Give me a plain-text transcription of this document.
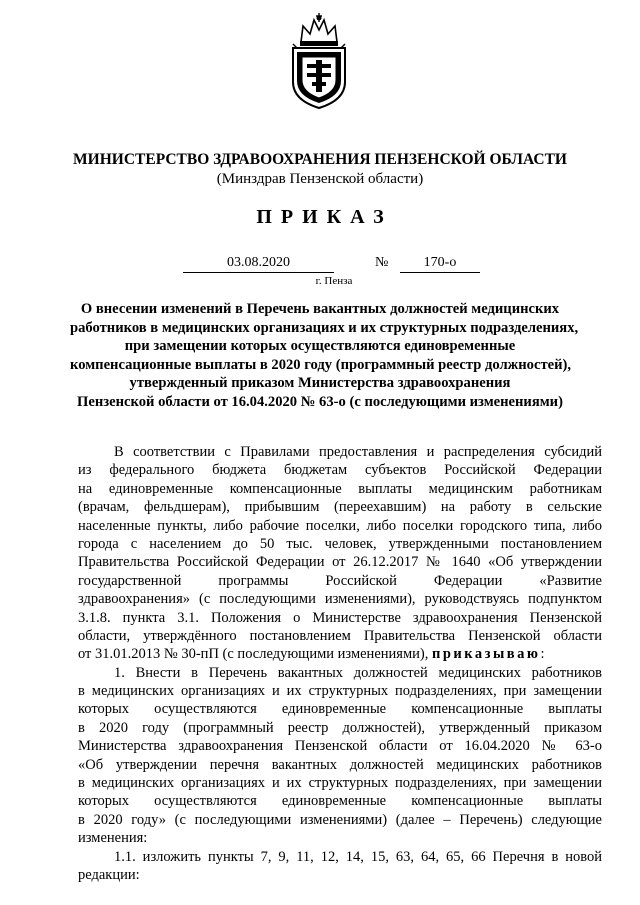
МИНИСТЕРСТВО ЗДРАВООХРАНЕНИЯ ПЕНЗЕНСКОЙ ОБЛАСТИ
(Минздрав Пензенской области)
ПРИКАЗ
03.08.2020	№	170-о
г. Пенза
О внесении изменений в Перечень вакантных должностей медицинских
работников в медицинских организациях и их структурных подразделениях,
при замещении которых осуществляются единовременные
компенсационные выплаты в 2020 году (программный реестр должностей),
утвержденный приказом Министерства здравоохранения
Пензенской области от 16.04.2020 № 63-о (с последующими изменениями)
В соответствии с Правилами предоставления и распределения субсидий
из федерального бюджета бюджетам субъектов Российской Федерации
на единовременные компенсационные выплаты медицинским работникам
(врачам, фельдшерам), прибывшим (переехавшим) на работу в сельские
населенные пункты, либо рабочие поселки, либо поселки городского типа, либо
города с населением до 50 тыс. человек, утвержденными постановлением
Правительства Российской Федерации от 26.12.2017 № 1640 «Об утверждении
государственной программы Российской Федерации «Развитие
здравоохранения» (с последующими изменениями), руководствуясь подпунктом
3.1.8. пункта 3.1. Положения о Министерстве здравоохранения Пензенской
области, утверждённого постановлением Правительства Пензенской области
от 31.01.2013 № 30-пП (с последующими изменениями), приказываю:
1. Внести в Перечень вакантных должностей медицинских работников
в медицинских организациях и их структурных подразделениях, при замещении
которых осуществляются единовременные компенсационные выплаты
в 2020 году (программный реестр должностей), утвержденный приказом
Министерства здравоохранения Пензенской области от 16.04.2020 № 63-о
«Об утверждении перечня вакантных должностей медицинских работников
в медицинских организациях и их структурных подразделениях, при замещении
которых осуществляются единовременные компенсационные выплаты
в 2020 году» (с последующими изменениями) (далее – Перечень) следующие
изменения:
1.1. изложить пункты 7, 9, 11, 12, 14, 15, 63, 64, 65, 66 Перечня в новой
редакции:
